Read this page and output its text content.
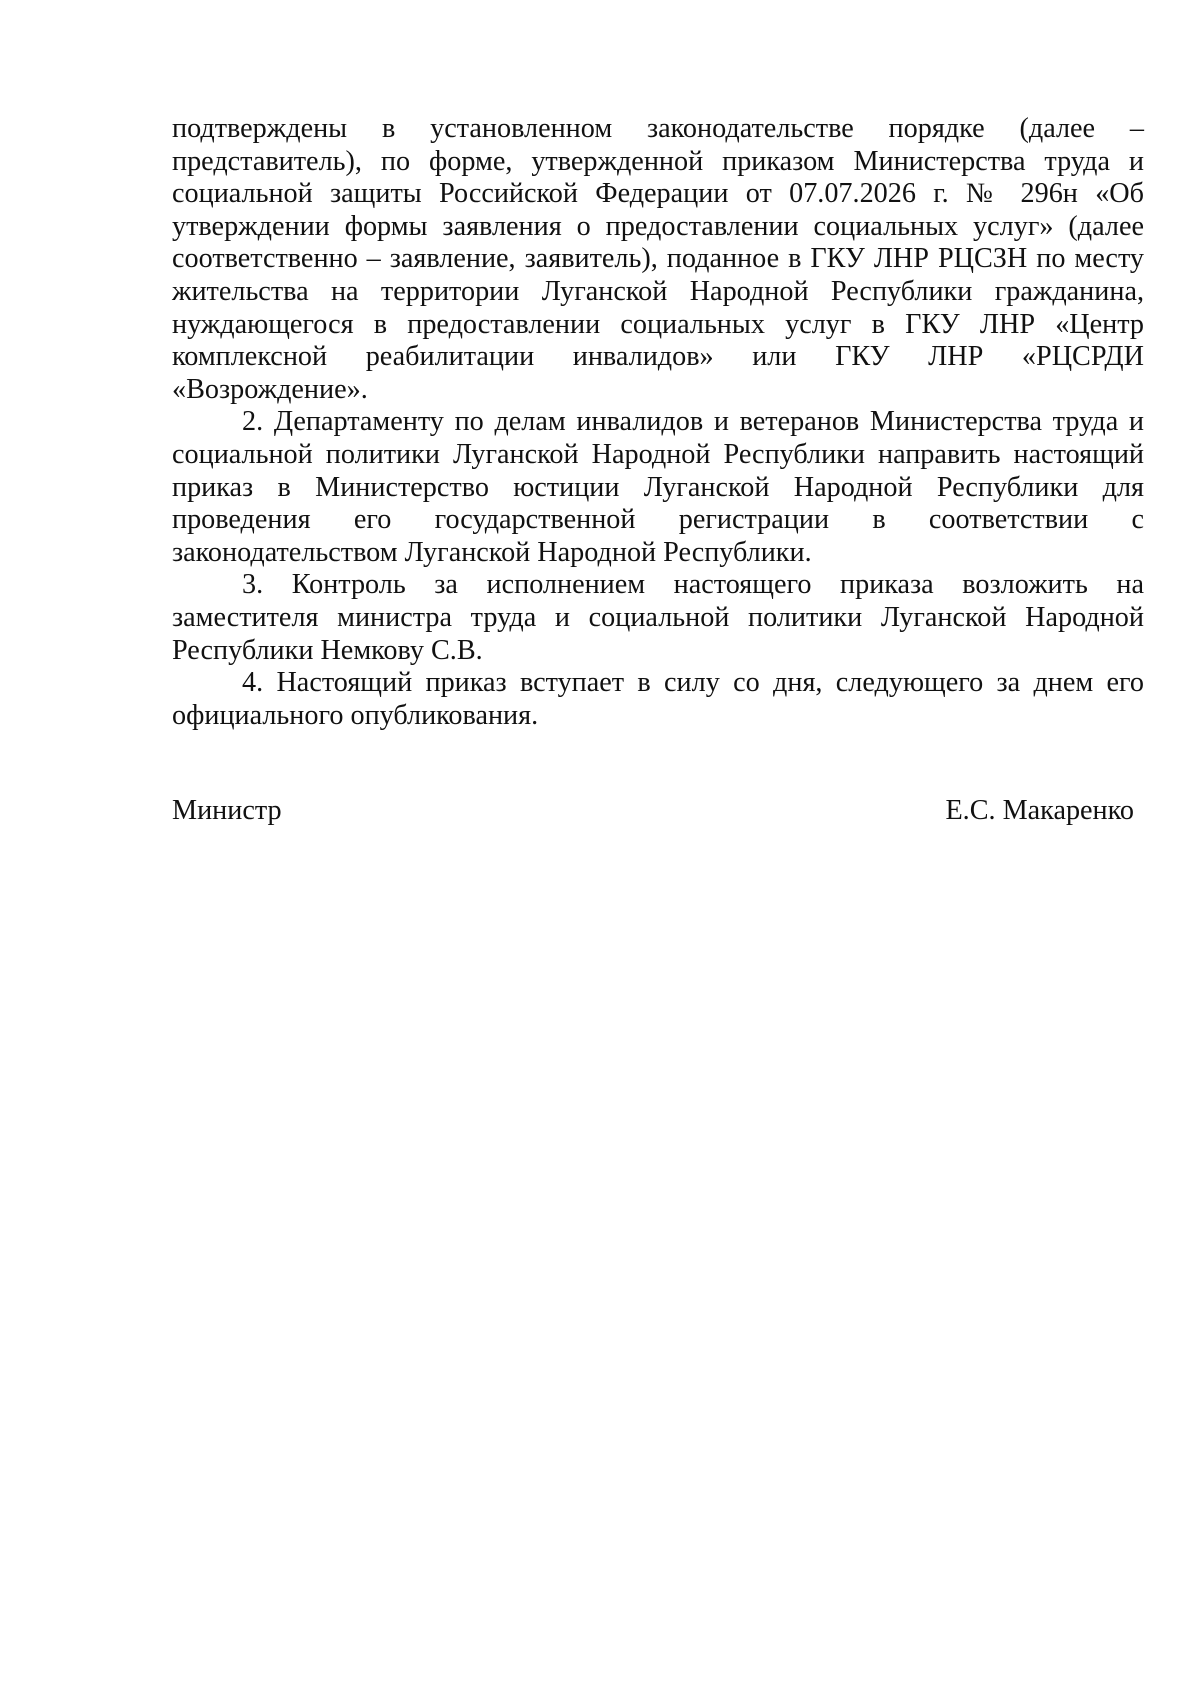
подтверждены в установленном законодательстве порядке (далее – представитель), по форме, утвержденной приказом Министерства труда и социальной защиты Российской Федерации от 07.07.2026 г. № 296н «Об утверждении формы заявления о предоставлении социальных услуг» (далее соответственно – заявление, заявитель), поданное в ГКУ ЛНР РЦСЗН по месту жительства на территории Луганской Народной Республики гражданина, нуждающегося в предоставлении социальных услуг в ГКУ ЛНР «Центр комплексной реабилитации инвалидов» или ГКУ ЛНР «РЦСРДИ «Возрождение».

2. Департаменту по делам инвалидов и ветеранов Министерства труда и социальной политики Луганской Народной Республики направить настоящий приказ в Министерство юстиции Луганской Народной Республики для проведения его государственной регистрации в соответствии с законодательством Луганской Народной Республики.

3. Контроль за исполнением настоящего приказа возложить на заместителя министра труда и социальной политики Луганской Народной Республики Немкову С.В.

4. Настоящий приказ вступает в силу со дня, следующего за днем его официального опубликования.

Министр	Е.С. Макаренко
